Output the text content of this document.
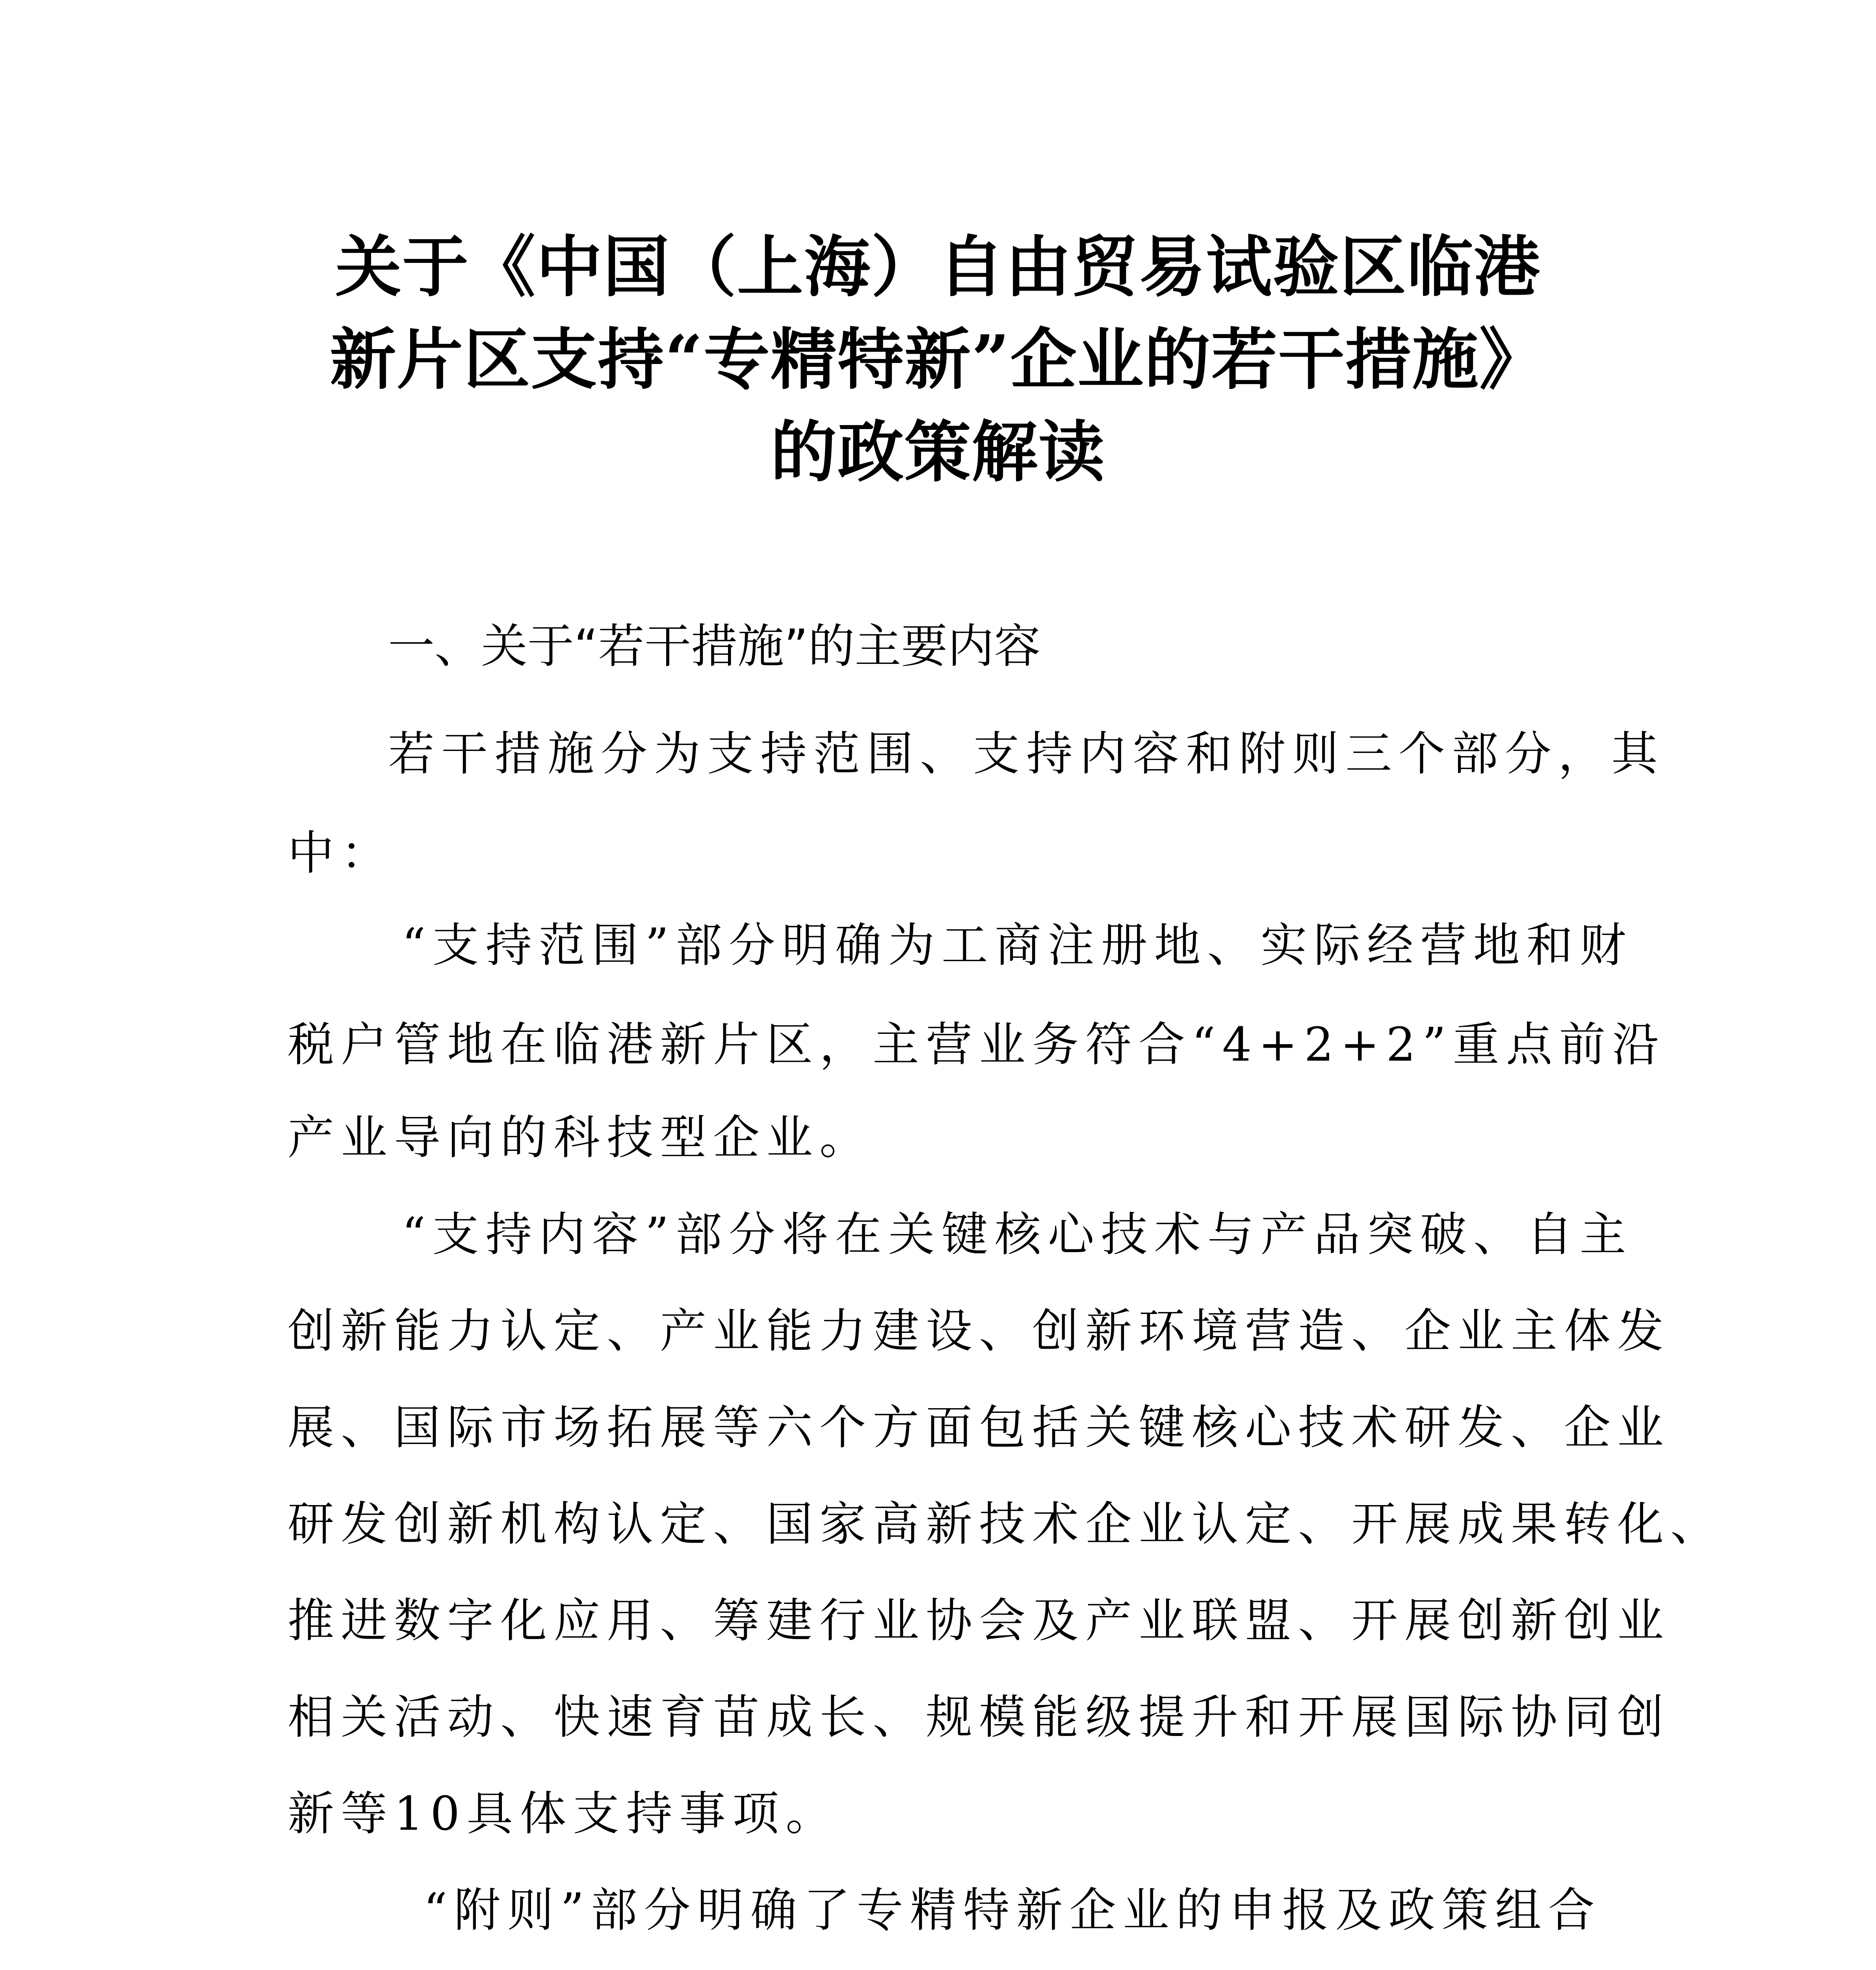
关于《中国（上海）自由贸易试验区临港
新片区支持“专精特新”企业的若干措施》
的政策解读
一、关于“若干措施”的主要内容
若干措施分为支持范围、支持内容和附则三个部分，其
中：
“支持范围”部分明确为工商注册地、实际经营地和财
税户管地在临港新片区，主营业务符合“4+2+2”重点前沿
产业导向的科技型企业。
“支持内容”部分将在关键核心技术与产品突破、自主
创新能力认定、产业能力建设、创新环境营造、企业主体发
展、国际市场拓展等六个方面包括关键核心技术研发、企业
研发创新机构认定、国家高新技术企业认定、开展成果转化、
推进数字化应用、筹建行业协会及产业联盟、开展创新创业
相关活动、快速育苗成长、规模能级提升和开展国际协同创
新等10具体支持事项。
“附则”部分明确了专精特新企业的申报及政策组合
